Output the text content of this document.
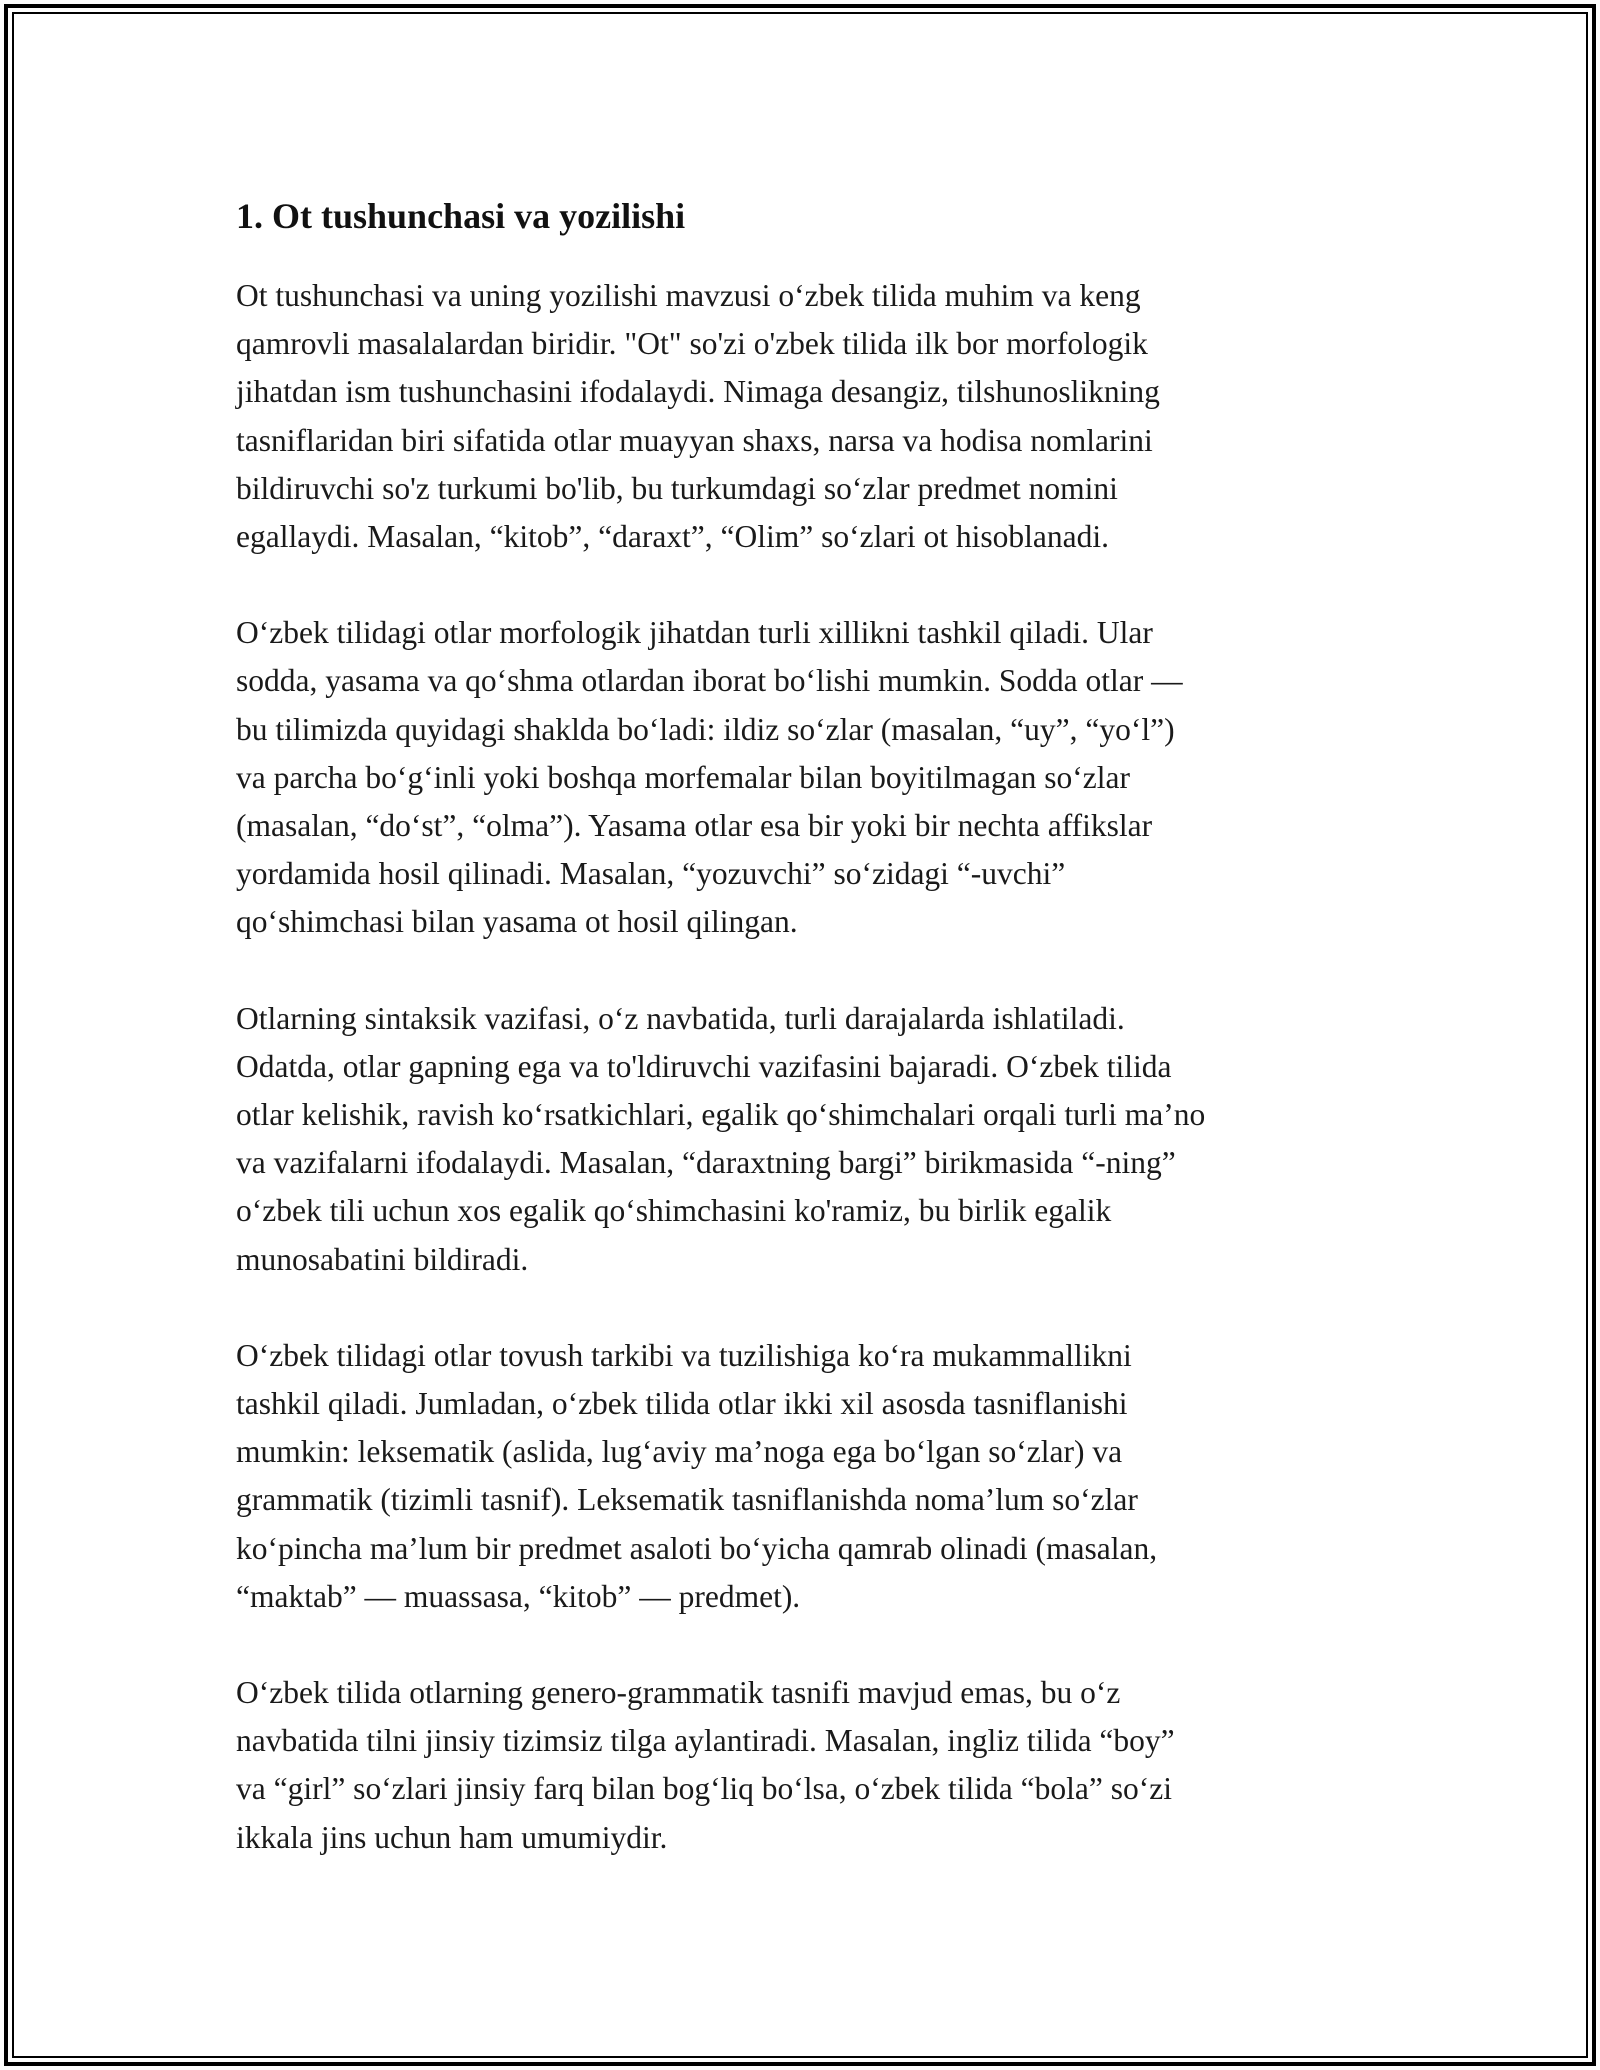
1. Ot tushunchasi va yozilishi
Ot tushunchasi va uning yozilishi mavzusi o‘zbek tilida muhim va keng
qamrovli masalalardan biridir. "Ot" so'zi o'zbek tilida ilk bor morfologik
jihatdan ism tushunchasini ifodalaydi. Nimaga desangiz, tilshunoslikning
tasniflaridan biri sifatida otlar muayyan shaxs, narsa va hodisa nomlarini
bildiruvchi so'z turkumi bo'lib, bu turkumdagi so‘zlar predmet nomini
egallaydi. Masalan, “kitob”, “daraxt”, “Olim” so‘zlari ot hisoblanadi.
O‘zbek tilidagi otlar morfologik jihatdan turli xillikni tashkil qiladi. Ular
sodda, yasama va qo‘shma otlardan iborat bo‘lishi mumkin. Sodda otlar —
bu tilimizda quyidagi shaklda bo‘ladi: ildiz so‘zlar (masalan, “uy”, “yo‘l”)
va parcha bo‘g‘inli yoki boshqa morfemalar bilan boyitilmagan so‘zlar
(masalan, “do‘st”, “olma”). Yasama otlar esa bir yoki bir nechta affikslar
yordamida hosil qilinadi. Masalan, “yozuvchi” so‘zidagi “-uvchi”
qo‘shimchasi bilan yasama ot hosil qilingan.
Otlarning sintaksik vazifasi, o‘z navbatida, turli darajalarda ishlatiladi.
Odatda, otlar gapning ega va to'ldiruvchi vazifasini bajaradi. O‘zbek tilida
otlar kelishik, ravish ko‘rsatkichlari, egalik qo‘shimchalari orqali turli ma’no
va vazifalarni ifodalaydi. Masalan, “daraxtning bargi” birikmasida “-ning”
o‘zbek tili uchun xos egalik qo‘shimchasini ko'ramiz, bu birlik egalik
munosabatini bildiradi.
O‘zbek tilidagi otlar tovush tarkibi va tuzilishiga ko‘ra mukammallikni
tashkil qiladi. Jumladan, o‘zbek tilida otlar ikki xil asosda tasniflanishi
mumkin: leksematik (aslida, lug‘aviy ma’noga ega bo‘lgan so‘zlar) va
grammatik (tizimli tasnif). Leksematik tasniflanishda noma’lum so‘zlar
ko‘pincha ma’lum bir predmet asaloti bo‘yicha qamrab olinadi (masalan,
“maktab” — muassasa, “kitob” — predmet).
O‘zbek tilida otlarning genero-grammatik tasnifi mavjud emas, bu o‘z
navbatida tilni jinsiy tizimsiz tilga aylantiradi. Masalan, ingliz tilida “boy”
va “girl” so‘zlari jinsiy farq bilan bog‘liq bo‘lsa, o‘zbek tilida “bola” so‘zi
ikkala jins uchun ham umumiydir.
